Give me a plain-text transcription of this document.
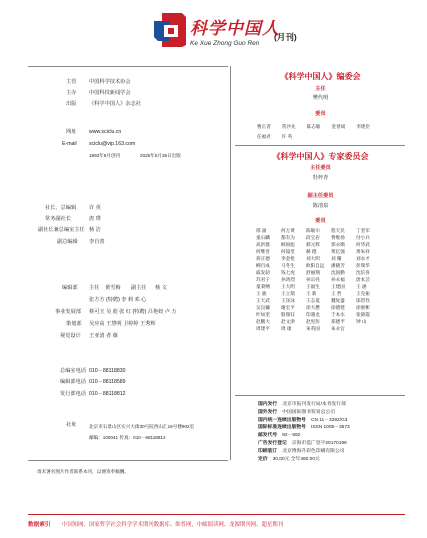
科学中国人
Ke Xue Zhong Guo Ren
(月刊)
主管 中国科学技术协会
主办 中国科技新闻学会
出版 《科学中国人》杂志社
网址 www.sciclu.cn
E-mail sciclu@vip.163.com
1993年8月创刊	2025年5月25日出版
社长、总编辑 许 英
常务副社长	唐 璞
副社长兼总编室主任 杨 洁
副总编辑 李自善
编辑部 主任 黄雪梅 副主任 杨 文
张方方 (特聘) 李 莉 邓 心
事业发展部 蔡可玉 吴 彪 张 红 (特聘) 吕艳姣 卢 万
策划部 吴应高 王慧明 卫婷婷 王秀辉
视觉设计 王亚清 者 薇
总编室电话 010－88118830
编辑部电话 010－88118589
发行部电话 010－88118812
社址	北京市石景山区实兴大街30号院西山汇16号楼902室
邮编：100041 传真：010－88118812
请未署名图片作者联系本刊，以便寄奉稿酬。
《科学中国人》编委会
主任
樊代明
委员
曹正者 常沙先 陈志敏 金誉斌 李建臣
任福君 许 英
《科学中国人》专家委员会
主任委员
牡梓青
副主任委员
陈清泉
委员
邢 涌	何万黄	陈敏川	程天民	丁奎军
童石麟	都有为	段宝岩	费维扬	付小兵
高洪群	顾国彪	郝元辉	郭永顺	何华武
何继善	何镜堂	赫 德	黄亿强	黄朱祥
蒋庄德	李金伦	刘大明	刘 耀	刘永才
柳百成	马冬生	欧阳自远	潘晓芳	彭瑞华
戚发轫	钱七虎	舒丽翔	沈国勤	沈倍喜
苏君子	孙鸿烈	孙宗亮	孙永福	唐本芸
童秉纲	王大明	王福生	王建国	王 涵
王 骏	王立鼎	王 新	王 哲	王克振
王天武	王泽泳	王志夏	魏复盛	邬贺铨
吴良镛	谢宏平	徐大懋	徐德建	徐惠彬
叶如奎	殷瑞钰	印遇龙	于本水	张锦霞
赵鹏大	赵文津	赵宪彭	郑德平	钟 山
周建平	周 康	朱英国	朱永官
国内发行 北京市报刊发行局/本刊发行部
国外发行 中国国际图书贸易总公司
国内统一连续出版物号 CN 11－3292/G3
国际标准连续出版物号 ISSN 1005－3573
邮发代号 82－592
广告发行登记 京海市监广登字20170198
印刷装订 北京博海升彩色印刷有限公司
定价 30.00元 全年360.00元
数据索引 中国知网、国家哲学社会科学学术期刊数据库、维普网、中邮阅读网、龙源期刊网、超星期刊
